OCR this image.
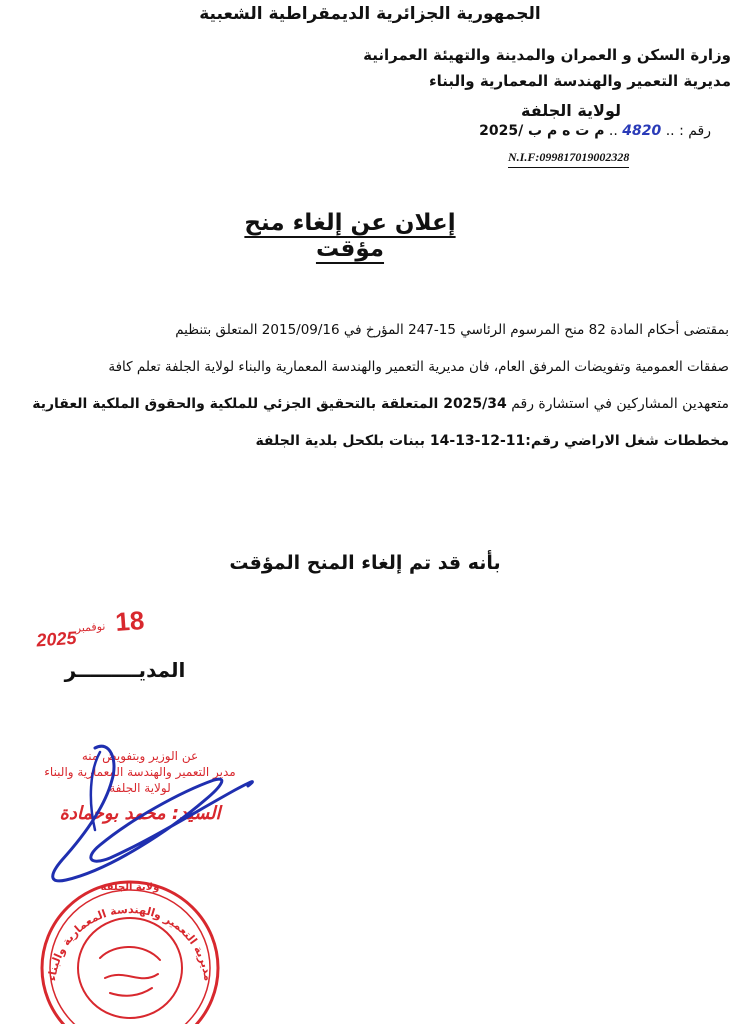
الجمهورية الجزائرية الديمقراطية الشعبية
وزارة السكن و العمران والمدينة والتهيئة العمرانية
مديرية التعمير والهندسة المعمارية والبناء
لولاية الجلفة
رقم : .. 4820 .. م ت ه م ب /2025
N.I.F:099817019002328
إعلان عن إلغاء منح مؤقت

بمقتضى أحكام المادة 82 منح المرسوم الرئاسي 15-247 المؤرخ في 2015/09/16 المتعلق بتنظيم

صفقات العمومية وتفويضات المرفق العام، فان مديرية التعمير والهندسة المعمارية والبناء لولاية الجلفة تعلم كافة

متعهدين المشاركين في استشارة رقم 2025/34 المتعلقة بالتحقيق الجزئي للملكية والحقوق الملكية العقارية

مخططات شغل الاراضي رقم:11-12-13-14 ببنات بلكحل بلدية الجلفة

بأنه قد تم إلغاء المنح المؤقت
2025
نوفمبر 18
المديـــــــــر

عن الوزير وبتفويض منه

مدير التعمير والهندسة المعمارية والبناء

لولاية الجلفة

السيد: محمد بوحمادة

مديرية التعمير والهندسة المعمارية والبناء
ولاية الجلفة
